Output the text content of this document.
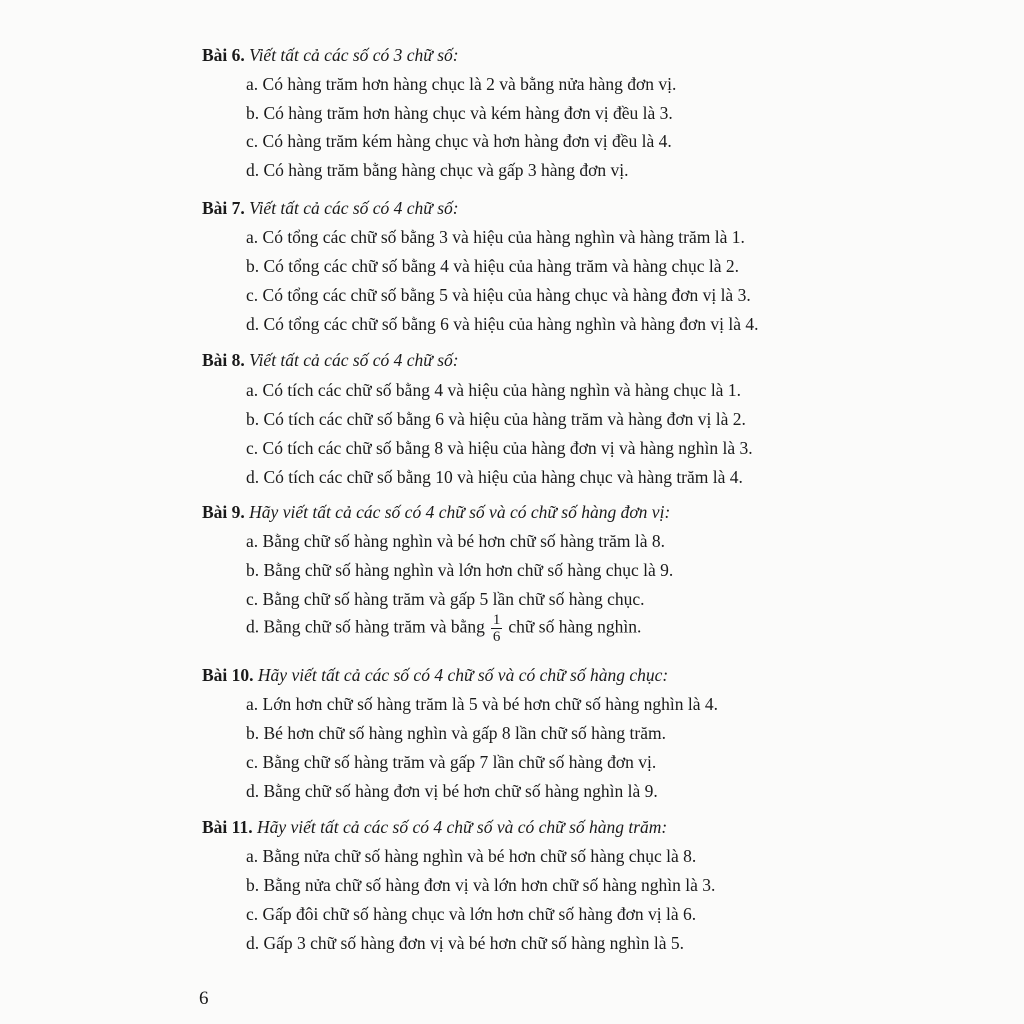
Bài 6. Viết tất cả các số có 3 chữ số:
a. Có hàng trăm hơn hàng chục là 2 và bằng nửa hàng đơn vị.
b. Có hàng trăm hơn hàng chục và kém hàng đơn vị đều là 3.
c. Có hàng trăm kém hàng chục và hơn hàng đơn vị đều là 4.
d. Có hàng trăm bằng hàng chục và gấp 3 hàng đơn vị.
Bài 7. Viết tất cả các số có 4 chữ số:
a. Có tổng các chữ số bằng 3 và hiệu của hàng nghìn và hàng trăm là 1.
b. Có tổng các chữ số bằng 4 và hiệu của hàng trăm và hàng chục là 2.
c. Có tổng các chữ số bằng 5 và hiệu của hàng chục và hàng đơn vị là 3.
d. Có tổng các chữ số bằng 6 và hiệu của hàng nghìn và hàng đơn vị là 4.
Bài 8. Viết tất cả các số có 4 chữ số:
a. Có tích các chữ số bằng 4 và hiệu của hàng nghìn và hàng chục là 1.
b. Có tích các chữ số bằng 6 và hiệu của hàng trăm và hàng đơn vị là 2.
c. Có tích các chữ số bằng 8 và hiệu của hàng đơn vị và hàng nghìn là 3.
d. Có tích các chữ số bằng 10 và hiệu của hàng chục và hàng trăm là 4.
Bài 9. Hãy viết tất cả các số có 4 chữ số và có chữ số hàng đơn vị:
a. Bằng chữ số hàng nghìn và bé hơn chữ số hàng trăm là 8.
b. Bằng chữ số hàng nghìn và lớn hơn chữ số hàng chục là 9.
c. Bằng chữ số hàng trăm và gấp 5 lần chữ số hàng chục.
d. Bằng chữ số hàng trăm và bằng $\frac{1}{6}$ chữ số hàng nghìn.
Bài 10. Hãy viết tất cả các số có 4 chữ số và có chữ số hàng chục:
a. Lớn hơn chữ số hàng trăm là 5 và bé hơn chữ số hàng nghìn là 4.
b. Bé hơn chữ số hàng nghìn và gấp 8 lần chữ số hàng trăm.
c. Bằng chữ số hàng trăm và gấp 7 lần chữ số hàng đơn vị.
d. Bằng chữ số hàng đơn vị bé hơn chữ số hàng nghìn là 9.
Bài 11. Hãy viết tất cả các số có 4 chữ số và có chữ số hàng trăm:
a. Bằng nửa chữ số hàng nghìn và bé hơn chữ số hàng chục là 8.
b. Bằng nửa chữ số hàng đơn vị và lớn hơn chữ số hàng nghìn là 3.
c. Gấp đôi chữ số hàng chục và lớn hơn chữ số hàng đơn vị là 6.
d. Gấp 3 chữ số hàng đơn vị và bé hơn chữ số hàng nghìn là 5.
6
